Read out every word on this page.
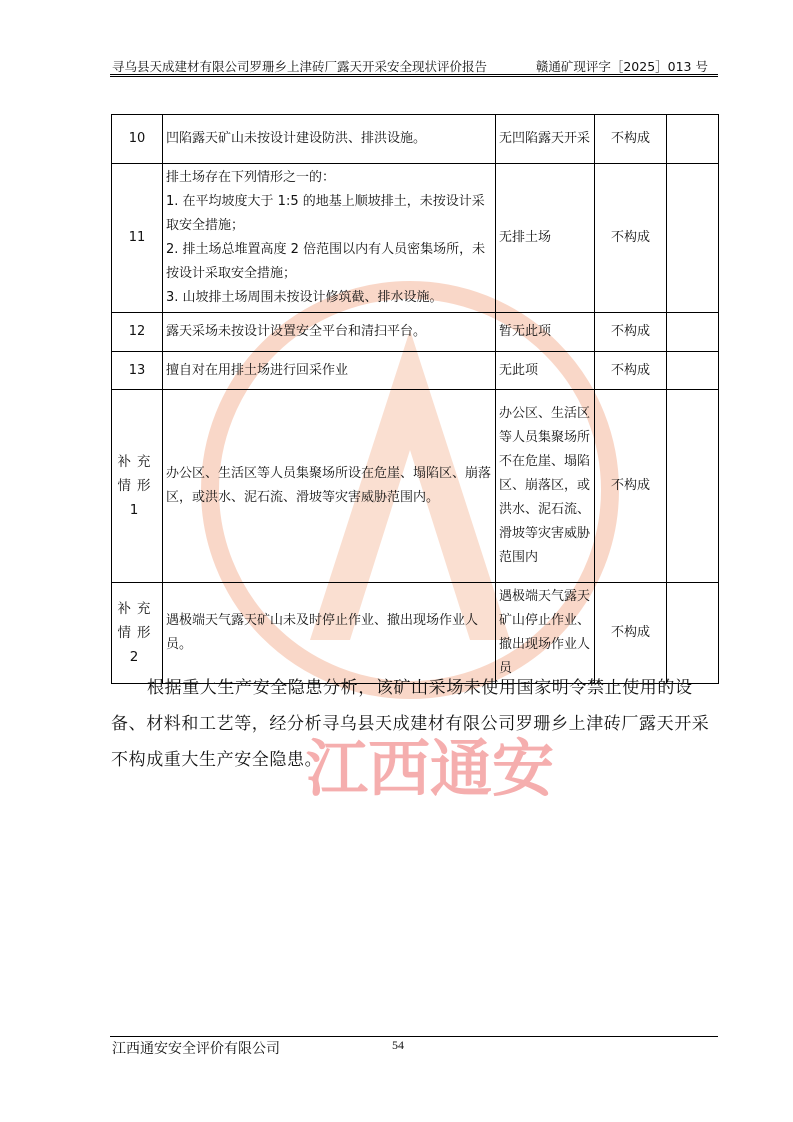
寻乌县天成建材有限公司罗珊乡上津砖厂露天开采安全现状评价报告	赣通矿现评字［2025］013 号
江西通安
10	凹陷露天矿山未按设计建设防洪、排洪设施。	无凹陷露天开采	不构成	
11	排土场存在下列情形之一的：
1. 在平均坡度大于 1:5 的地基上顺坡排土，未按设计采取安全措施；
2. 排土场总堆置高度 2 倍范围以内有人员密集场所，未按设计采取安全措施；
3. 山坡排土场周围未按设计修筑截、排水设施。	无排土场	不构成	
12	露天采场未按设计设置安全平台和清扫平台。	暂无此项	不构成	
13	擅自对在用排土场进行回采作业	无此项	不构成	
补充情形 1	办公区、生活区等人员集聚场所设在危崖、塌陷区、崩落区，或洪水、泥石流、滑坡等灾害威胁范围内。	办公区、生活区等人员集聚场所不在危崖、塌陷区、崩落区，或洪水、泥石流、滑坡等灾害威胁范围内	不构成	
补充情形 2	遇极端天气露天矿山未及时停止作业、撤出现场作业人员。	遇极端天气露天矿山停止作业、撤出现场作业人员	不构成	

根据重大生产安全隐患分析，该矿山采场未使用国家明令禁止使用的设备、材料和工艺等，经分析寻乌县天成建材有限公司罗珊乡上津砖厂露天开采不构成重大生产安全隐患。

江西通安安全评价有限公司	54
